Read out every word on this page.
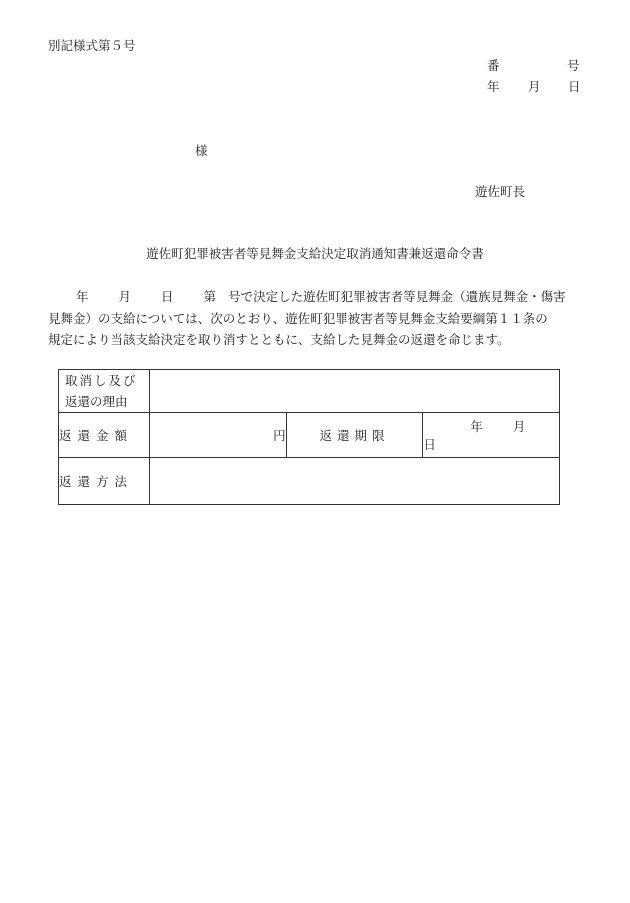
別記様式第５号
番	号
年 月 日
様
遊佐町長
遊佐町犯罪被害者等見舞金支給決定取消通知書兼返還命令書
年 月 日 第 号で決定した遊佐町犯罪被害者等見舞金（遺族見舞金・傷害
見舞金）の支給については、次のとおり、遊佐町犯罪被害者等見舞金支給要綱第１１条の
規定により当該支給決定を取り消すとともに、支給した見舞金の返還を命じます。
取消し及び
返還の理由			

返還金額	円	返還期限	年 月日
返還方法			
